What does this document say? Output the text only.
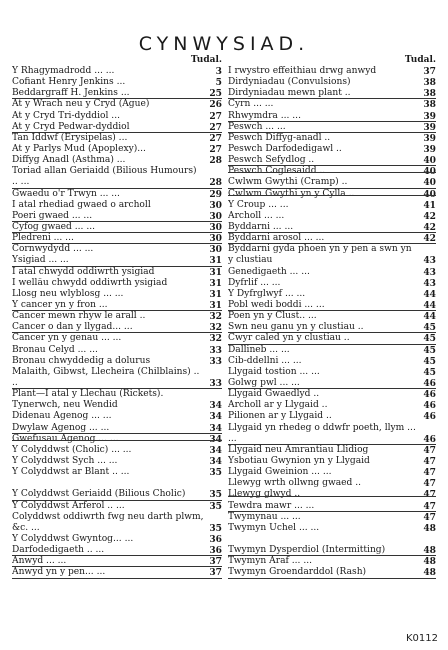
CYNWYSIAD.
Tudal.
Y Rhagymadrodd ... ...	3
Cofiant Henry Jenkins ...	5
Beddargraff H. Jenkins ...	25
At y Wrach neu y Cryd (Ague)	26
At y Cryd Tri-dyddiol ...	27
At y Cryd Pedwar-dyddiol	27
Tan Iddwf (Erysipelas) ...	27
At y Parlys Mud (Apoplexy)...	27
Diffyg Anadl (Asthma) ...	28
Toriad allan Geriaidd (Bilious Humours) .. ...	28
Gwaedu o'r Trwyn ... ...	29
I atal rhediad gwaed o archoll	30
Poeri gwaed ... ...	30
Cyfog gwaed ... ...	30
Pledreni ... ...	30
Cornwydydd ... ...	30
Ysigiad ... ...	31
I atal chwydd oddiwrth ysigiad	31
I wellâu chwydd oddiwrth ysigiad	31
Llosg neu wlyblosg ... ...	31
Y cancer yn y fron ...	31
Cancer mewn rhyw le arall ..	32
Cancer o dan y llygad... ...	32
Cancer yn y genau ... ...	32
Bronau Celyd ... ...	33
Bronau chwyddedig a dolurus	33
Malaith, Gibwst, Llecheira (Chilblains) .. ..	33
Plant—I atal y Llechau (Rickets). Tynerwch, neu Wendid	34
Didenau Agenog ... ...	34
Dwylaw Agenog ... ...	34
Gwefusau Agenog ... ...	34
Y Colyddwst (Cholic) ... ...	34
Y Colyddwst Sych ... ...	34
Y Colyddwst ar Blant .. ...	35
Y Colyddwst Geriaidd (Bilious Cholic)	35
Y Colyddwst Arferol .. ...	35
Colyddwst oddiwrth fwg neu darth plwm, &c. ...	35
Y Colyddwst Gwyntog... ...	36
Darfodedigaeth .. ...	36
Anwyd ... ...	37
Anwyd yn y pen... ...	37
Tudal.
I rwystro effeithiau drwg anwyd	37
Dirdyniadau (Convulsions)	38
Dirdyniadau mewn plant ..	38
Cyrn ... ...	38
Rhwymdra ... ...	39
Peswch ... ...	39
Peswch Diffyg-anadl ..	39
Peswch Darfodedigawl ..	39
Peswch Sefydlog ..	40
Peswch Coglesaidd ..	40
Cwlwm Gwythi (Cramp) ..	40
Cwlwm Gwythi yn y Cylla ..	40
Y Croup ... ...	41
Archoll ... ...	42
Byddarni ... ...	42
Byddarni arosol ... ...	42
Byddarni gyda phoen yn y pen a swn yn y clustiau	43
Genedigaeth ... ...	43
Dyfrlif ... ...	43
Y Dyfrglwyf ... ...	44
Pobl wedi boddi ... ...	44
Poen yn y Clust.. ...	44
Swn neu ganu yn y clustiau ..	45
Cwyr caled yn y clustiau ..	45
Dallineb ... ...	45
Cib-ddellni ... ...	45
Llygaid tostion ... ...	45
Golwg pwl ... ...	46
Llygaid Gwaedlyd ..	46
Archoll ar y Llygaid ..	46
Pilionen ar y Llygaid ..	46
Llygaid yn rhedeg o ddwfr poeth, llym ... ...	46
Llygaid neu Amrantiau Llidiog	47
Ysbotiau Gwynion yn y Llygaid	47
Llygaid Gweinion ... ...	47
Llewyg wrth ollwng gwaed ..	47
Llewyg glwyd ..	47
Tewdra mawr ... ...	47
Twymynau ... ...	47
Twymyn Uchel ... ...	48
Twymyn Dysperdiol (Intermitting)	48
Twymyn Araf ... ...	48
Twymyn Groendarddol (Rash)	48
K0112
